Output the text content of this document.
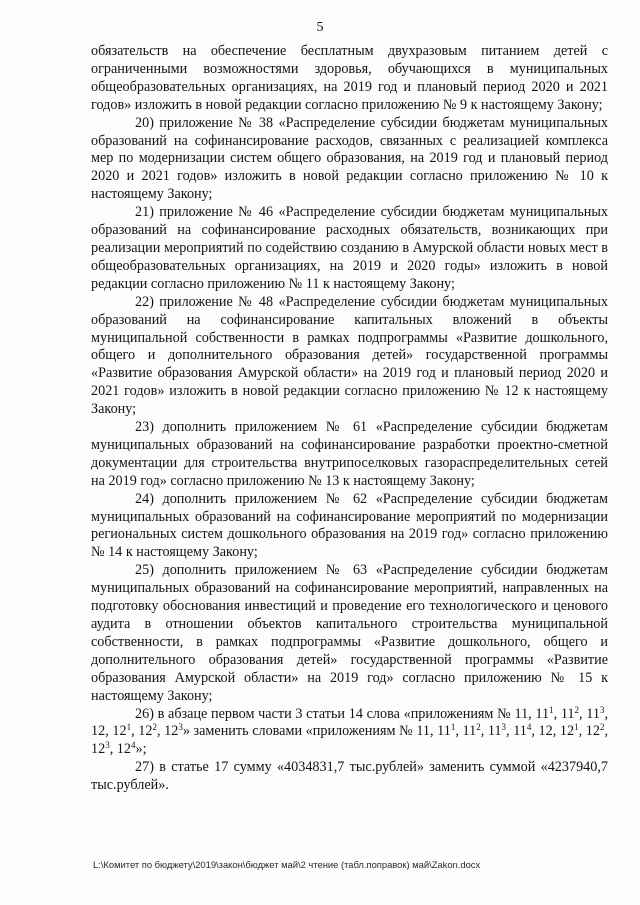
5

обязательств на обеспечение бесплатным двухразовым питанием детей с ограниченными возможностями здоровья, обучающихся в муниципальных общеобразовательных организациях, на 2019 год и плановый период 2020 и 2021 годов» изложить в новой редакции согласно приложению № 9 к настоящему Закону;

20) приложение № 38 «Распределение субсидии бюджетам муниципальных образований на софинансирование расходов, связанных с реализацией комплекса мер по модернизации систем общего образования, на 2019 год и плановый период 2020 и 2021 годов» изложить в новой редакции согласно приложению № 10 к настоящему Закону;

21) приложение № 46 «Распределение субсидии бюджетам муниципальных образований на софинансирование расходных обязательств, возникающих при реализации мероприятий по содействию созданию в Амурской области новых мест в общеобразовательных организациях, на 2019 и 2020 годы» изложить в новой редакции согласно приложению № 11 к настоящему Закону;

22) приложение № 48 «Распределение субсидии бюджетам муниципальных образований на софинансирование капитальных вложений в объекты муниципальной собственности в рамках подпрограммы «Развитие дошкольного, общего и дополнительного образования детей» государственной программы «Развитие образования Амурской области» на 2019 год и плановый период 2020 и 2021 годов» изложить в новой редакции согласно приложению № 12 к настоящему Закону;

23) дополнить приложением № 61 «Распределение субсидии бюджетам муниципальных образований на софинансирование разработки проектно-сметной документации для строительства внутрипоселковых газораспределительных сетей на 2019 год» согласно приложению № 13 к настоящему Закону;

24) дополнить приложением № 62 «Распределение субсидии бюджетам муниципальных образований на софинансирование мероприятий по модернизации региональных систем дошкольного образования на 2019 год» согласно приложению № 14 к настоящему Закону;

25) дополнить приложением № 63 «Распределение субсидии бюджетам муниципальных образований на софинансирование мероприятий, направленных на подготовку обоснования инвестиций и проведение его технологического и ценового аудита в отношении объектов капитального строительства муниципальной собственности, в рамках подпрограммы «Развитие дошкольного, общего и дополнительного образования детей» государственной программы «Развитие образования Амурской области» на 2019 год» согласно приложению № 15 к настоящему Закону;

26) в абзаце первом части 3 статьи 14 слова «приложениям № 11, $11^1$, $11^2$, $11^3$, 12, $12^1$, $12^2$, $12^3$» заменить словами «приложениям № 11, $11^1$, $11^2$, $11^3$, $11^4$, 12, $12^1$, $12^2$, $12^3$, $12^4$»;

27) в статье 17 сумму «4034831,7 тыс.рублей» заменить суммой «4237940,7 тыс.рублей».

L:\Комитет по бюджету\2019\закон\бюджет май\2 чтение (табл.поправок) май\Zakon.docx
